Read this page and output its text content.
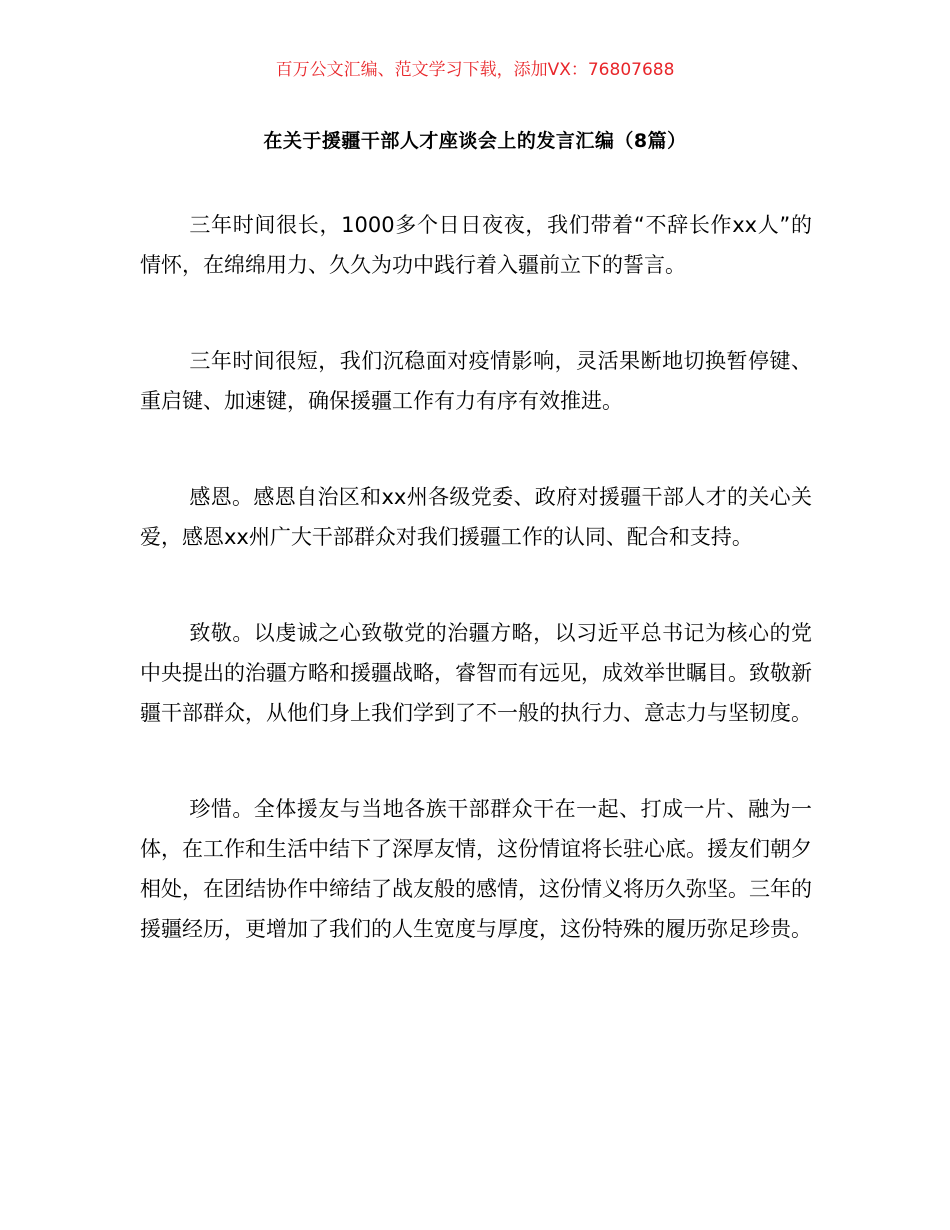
百万公文汇编、范文学习下载，添加VX：76807688
在关于援疆干部人才座谈会上的发言汇编（8篇）

三年时间很长，1000多个日日夜夜，我们带着“不辞长作xx人”的情怀，在绵绵用力、久久为功中践行着入疆前立下的誓言。

三年时间很短，我们沉稳面对疫情影响，灵活果断地切换暂停键、重启键、加速键，确保援疆工作有力有序有效推进。

感恩。感恩自治区和xx州各级党委、政府对援疆干部人才的关心关爱，感恩xx州广大干部群众对我们援疆工作的认同、配合和支持。

致敬。以虔诚之心致敬党的治疆方略，以习近平总书记为核心的党中央提出的治疆方略和援疆战略，睿智而有远见，成效举世瞩目。致敬新疆干部群众，从他们身上我们学到了不一般的执行力、意志力与坚韧度。

珍惜。全体援友与当地各族干部群众干在一起、打成一片、融为一体，在工作和生活中结下了深厚友情，这份情谊将长驻心底。援友们朝夕相处，在团结协作中缔结了战友般的感情，这份情义将历久弥坚。三年的援疆经历，更增加了我们的人生宽度与厚度，这份特殊的履历弥足珍贵。
